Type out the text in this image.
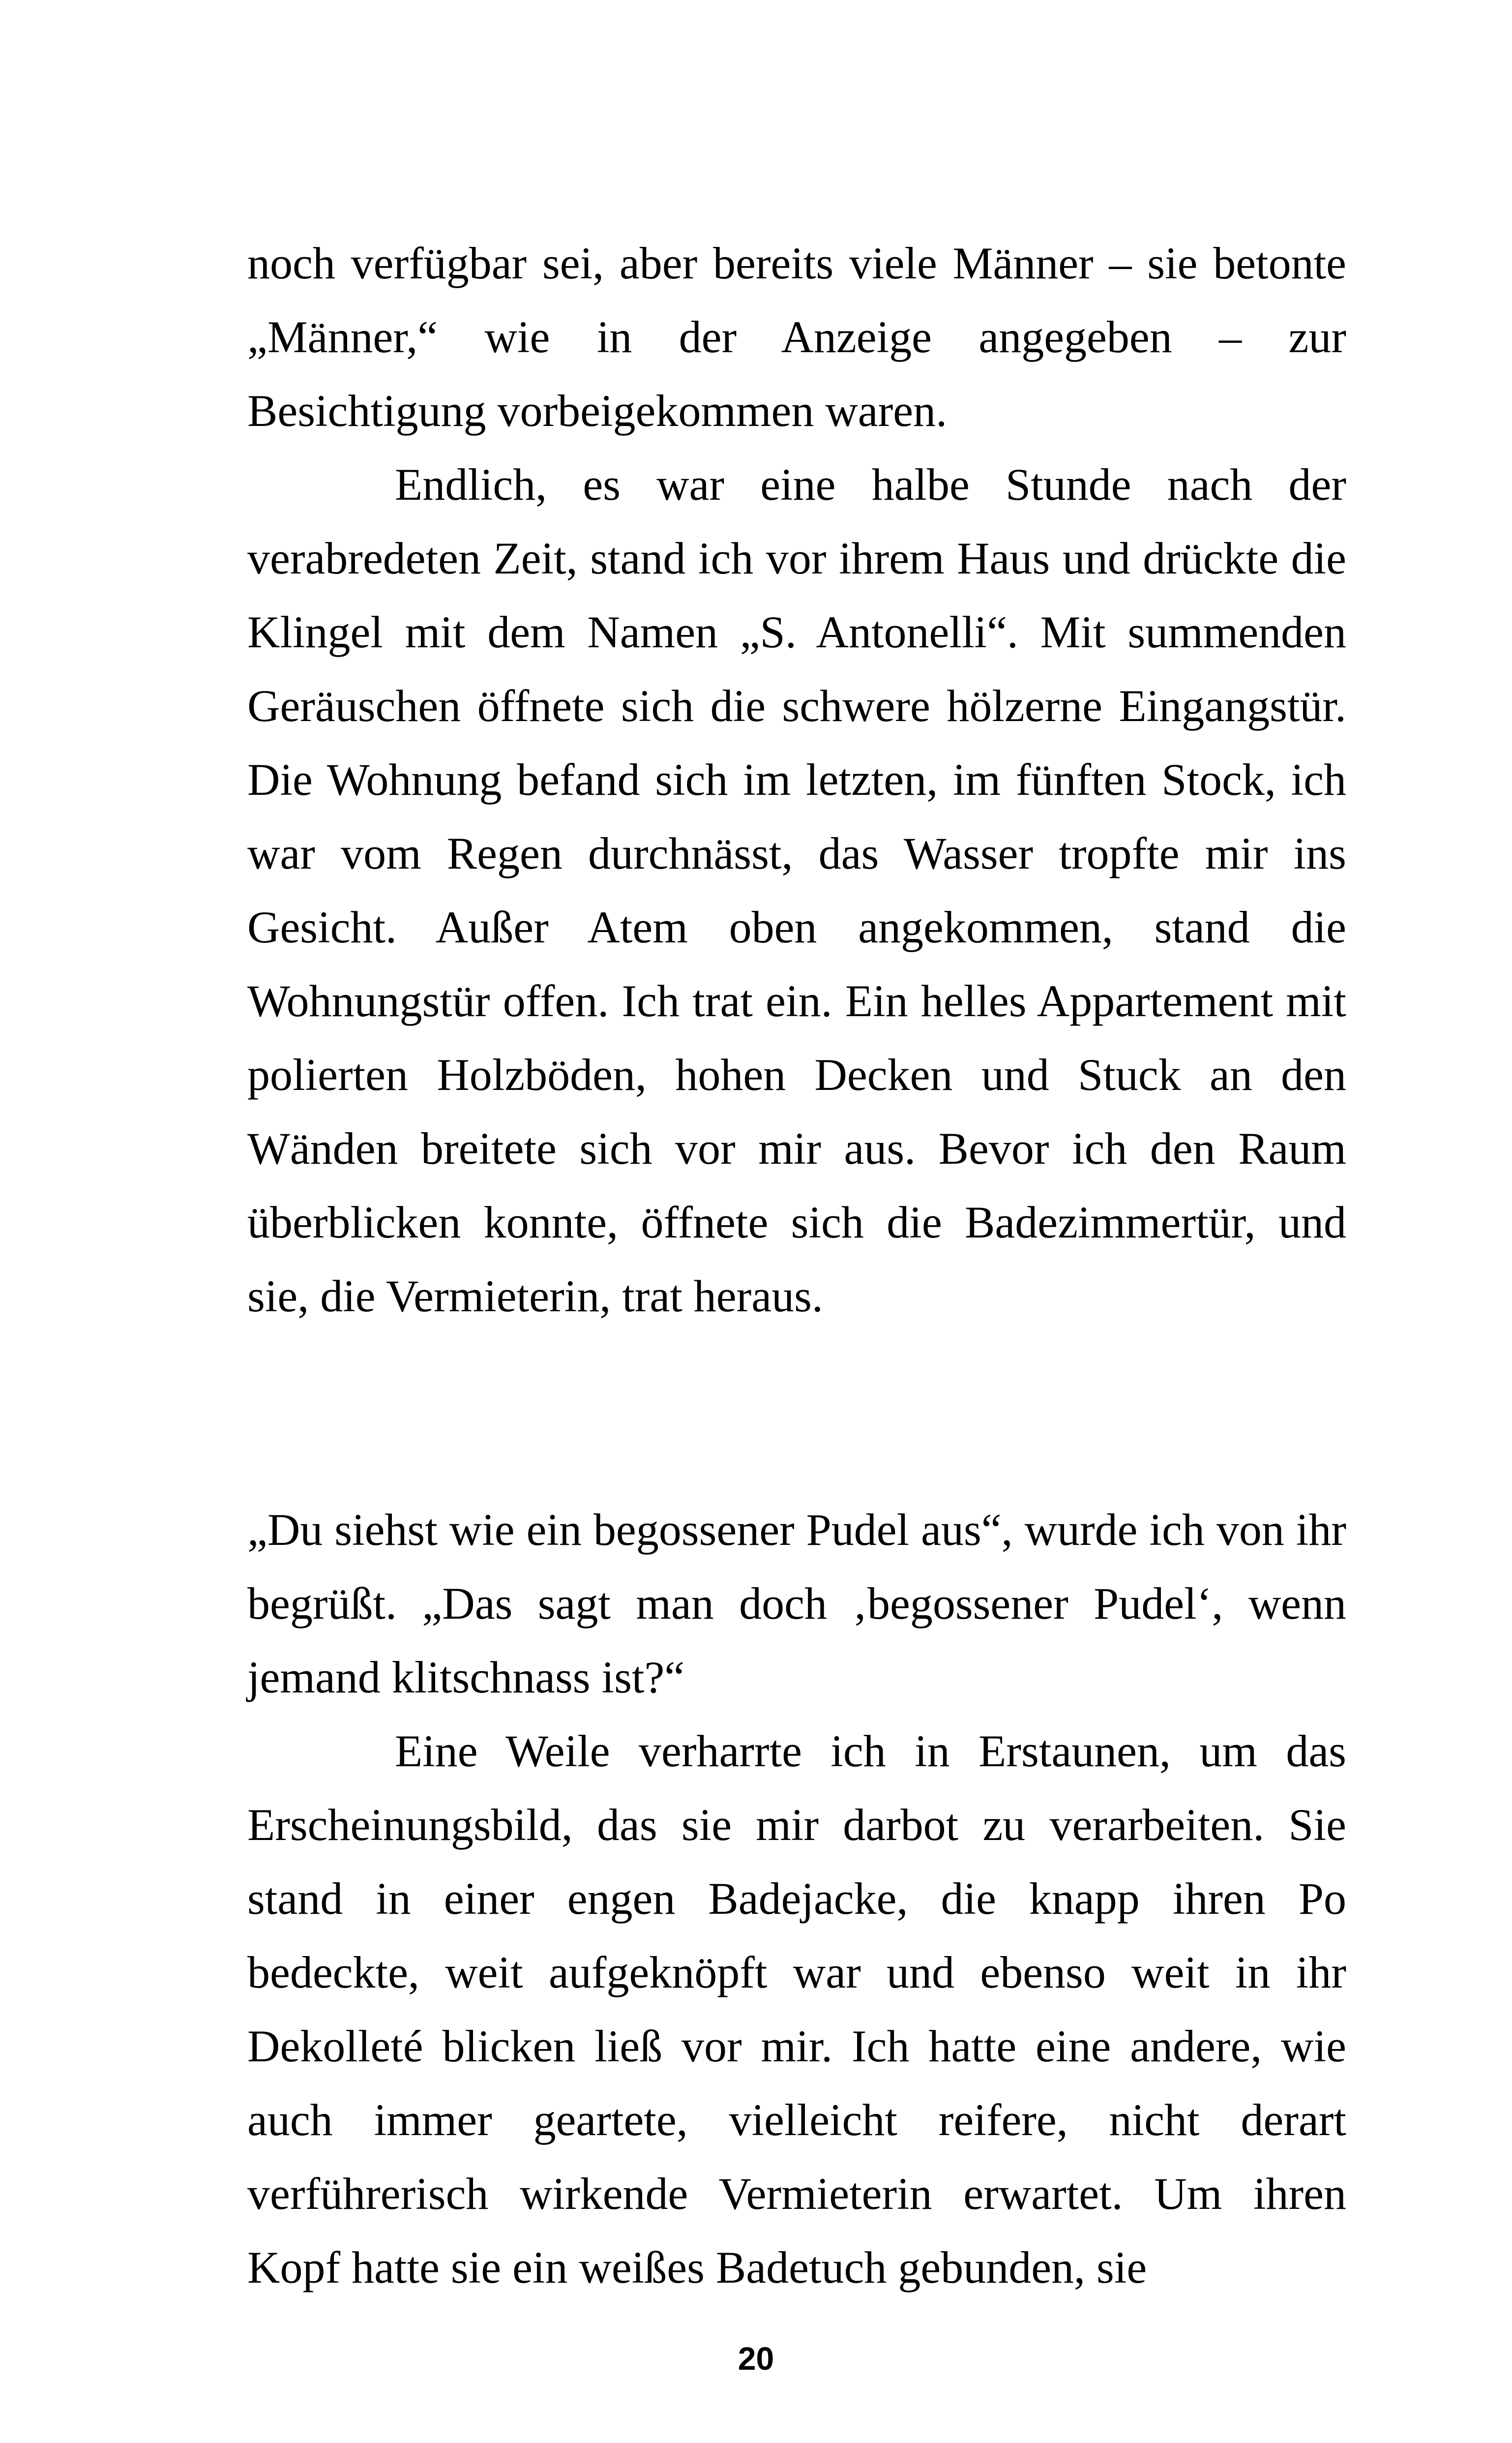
noch verfügbar sei, aber bereits viele Männer – sie betonte „Männer,“ wie in der Anzeige angegeben – zur Besichtigung vorbeigekommen waren.

Endlich, es war eine halbe Stunde nach der verabredeten Zeit, stand ich vor ihrem Haus und drückte die Klingel mit dem Namen „S. Antonelli“. Mit summenden Geräuschen öffnete sich die schwere hölzerne Eingangstür. Die Wohnung befand sich im letzten, im fünften Stock, ich war vom Regen durchnässt, das Wasser tropfte mir ins Gesicht. Außer Atem oben angekommen, stand die Wohnungstür offen. Ich trat ein. Ein helles Appartement mit polierten Holzböden, hohen Decken und Stuck an den Wänden breitete sich vor mir aus. Bevor ich den Raum überblicken konnte, öffnete sich die Badezimmertür, und sie, die Vermieterin, trat heraus.

„Du siehst wie ein begossener Pudel aus“, wurde ich von ihr begrüßt. „Das sagt man doch ‚begossener Pudel‘, wenn jemand klitschnass ist?“

Eine Weile verharrte ich in Erstaunen, um das Erscheinungsbild, das sie mir darbot zu verarbeiten. Sie stand in einer engen Badejacke, die knapp ihren Po bedeckte, weit aufgeknöpft war und ebenso weit in ihr Dekolleté blicken ließ vor mir. Ich hatte eine andere, wie auch immer geartete, vielleicht reifere, nicht derart verführerisch wirkende Vermieterin erwartet. Um ihren Kopf hatte sie ein weißes Badetuch gebunden, sie

20
